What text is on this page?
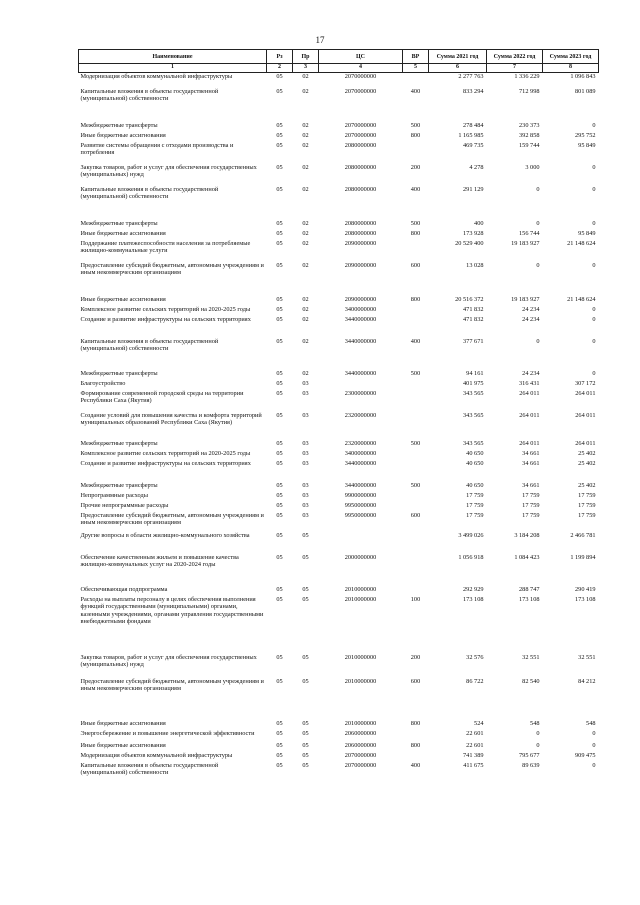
17
Наименование	Рз	Пр	ЦС	ВР	Сумма 2021 год	Сумма 2022 год	Сумма 2023 год
1	2	3	4	5	6	7	8
Модернизация объектов коммунальной инфраструктуры	05	02	2070000000		2 277 763	1 336 229	1 096 843
Капитальные вложения в объекты государственной (муниципальной) собственности	05	02	2070000000	400	833 294	712 998	801 089
Межбюджетные трансферты	05	02	2070000000	500	278 484	230 373	0
Иные бюджетные ассигнования	05	02	2070000000	800	1 165 985	392 858	295 752
Развитие системы обращения с отходами производства и потребления	05	02	2080000000		469 735	159 744	95 849
Закупка товаров, работ и услуг для обеспечения государственных (муниципальных) нужд	05	02	2080000000	200	4 278	3 000	0
Капитальные вложения в объекты государственной (муниципальной) собственности	05	02	2080000000	400	291 129	0	0
Межбюджетные трансферты	05	02	2080000000	500	400	0	0
Иные бюджетные ассигнования	05	02	2080000000	800	173 928	156 744	95 849
Поддержание платежеспособности населения за потребляемые жилищно-коммунальные услуги	05	02	2090000000		20 529 400	19 183 927	21 148 624
Предоставление субсидий бюджетным, автономным учреждениям и иным некоммерческим организациям	05	02	2090000000	600	13 028	0	0
Иные бюджетные ассигнования	05	02	2090000000	800	20 516 372	19 183 927	21 148 624
Комплексное развитие сельских территорий на 2020-2025 годы	05	02	3400000000		471 832	24 234	0
Создание и развитие инфраструктуры на сельских территориях	05	02	3440000000		471 832	24 234	0
Капитальные вложения в объекты государственной (муниципальной) собственности	05	02	3440000000	400	377 671	0	0
Межбюджетные трансферты	05	02	3440000000	500	94 161	24 234	0
Благоустройство	05	03			401 975	316 431	307 172
Формирование современной городской среды на территории Республики Саха (Якутия)	05	03	2300000000		343 565	264 011	264 011
Создание условий для повышения качества и комфорта территорий муниципальных образований Республики Саха (Якутия)	05	03	2320000000		343 565	264 011	264 011
Межбюджетные трансферты	05	03	2320000000	500	343 565	264 011	264 011
Комплексное развитие сельских территорий на 2020-2025 годы	05	03	3400000000		40 650	34 661	25 402
Создание и развитие инфраструктуры на сельских территориях	05	03	3440000000		40 650	34 661	25 402
Межбюджетные трансферты	05	03	3440000000	500	40 650	34 661	25 402
Непрограммные расходы	05	03	9900000000		17 759	17 759	17 759
Прочие непрограммные расходы	05	03	9950000000		17 759	17 759	17 759
Предоставление субсидий бюджетным, автономным учреждениям и иным некоммерческим организациям	05	03	9950000000	600	17 759	17 759	17 759
Другие вопросы в области жилищно-коммунального хозяйства	05	05			3 499 026	3 184 208	2 466 781
Обеспечение качественным жильем и повышение качества жилищно-коммунальных услуг на 2020-2024 годы	05	05	2000000000		1 056 918	1 084 423	1 199 894
Обеспечивающая подпрограмма	05	05	2010000000		292 929	288 747	290 419
Расходы на выплаты персоналу в целях обеспечения выполнения функций государственными (муниципальными) органами, казенными учреждениями, органами управления государственными внебюджетными фондами	05	05	2010000000	100	173 108	173 108	173 108
Закупка товаров, работ и услуг для обеспечения государственных (муниципальных) нужд	05	05	2010000000	200	32 576	32 551	32 551
Предоставление субсидий бюджетным, автономным учреждениям и иным некоммерческим организациям	05	05	2010000000	600	86 722	82 540	84 212
Иные бюджетные ассигнования	05	05	2010000000	800	524	548	548
Энергосбережение и повышение энергетической эффективности	05	05	2060000000		22 601	0	0
Иные бюджетные ассигнования	05	05	2060000000	800	22 601	0	0
Модернизация объектов коммунальной инфраструктуры	05	05	2070000000		741 389	795 677	909 475
Капитальные вложения в объекты государственной (муниципальной) собственности	05	05	2070000000	400	411 675	89 639	0
